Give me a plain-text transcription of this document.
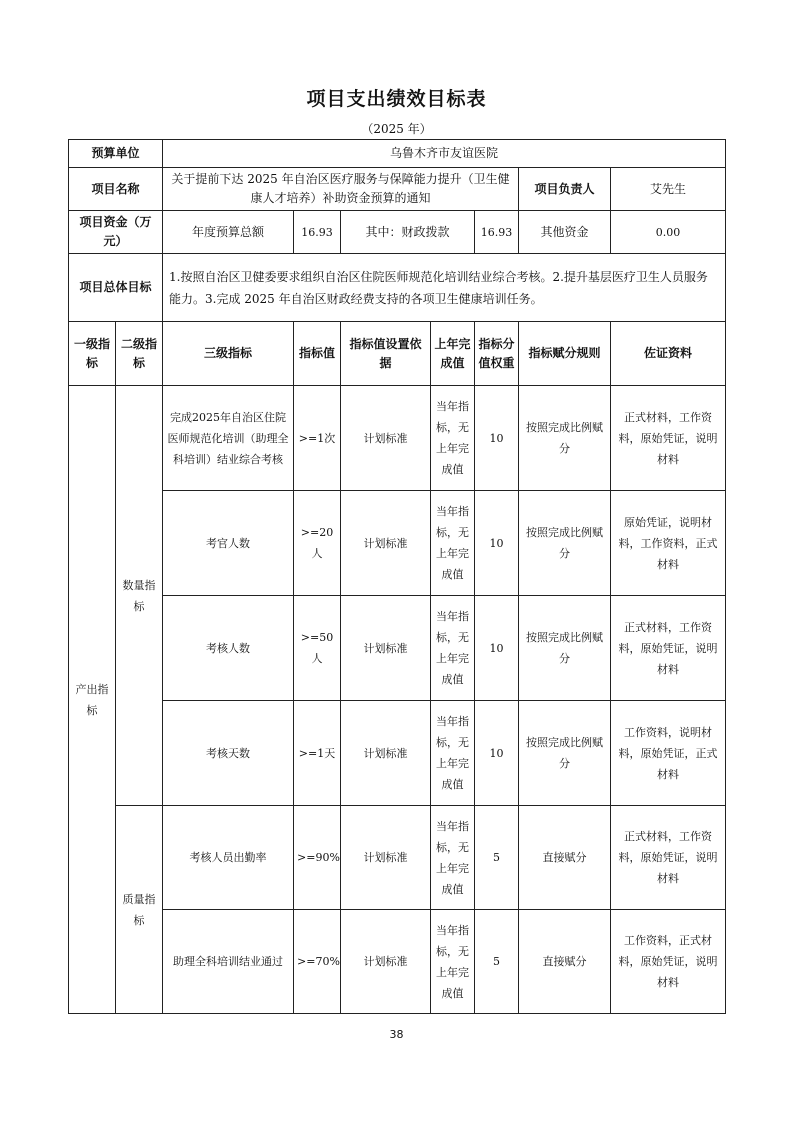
项目支出绩效目标表
（2025 年）
预算单位		乌鲁木齐市友谊医院						
项目名称		关于提前下达 2025 年自治区医疗服务与保障能力提升（卫生健康人才培养）补助资金预算的通知					项目负责人	艾先生
项目资金（万元）		年度预算总额	16.93	其中：财政拨款		16.93	其他资金	0.00
项目总体目标		1.按照自治区卫健委要求组织自治区住院医师规范化培训结业综合考核。2.提升基层医疗卫生人员服务能力。3.完成 2025 年自治区财政经费支持的各项卫生健康培训任务。						
一级指标	二级指标	三级指标	指标值	指标值设置依据	上年完成值	指标分值权重	指标赋分规则	佐证资料
产出指标	数量指标	完成2025年自治区住院医师规范化培训（助理全科培训）结业综合考核	>=1次	计划标准	当年指标，无上年完成值	10	按照完成比例赋分	正式材料，工作资料，原始凭证，说明材料
		考官人数	>=20人	计划标准	当年指标，无上年完成值	10	按照完成比例赋分	原始凭证，说明材料，工作资料，正式材料
		考核人数	>=50人	计划标准	当年指标，无上年完成值	10	按照完成比例赋分	正式材料，工作资料，原始凭证，说明材料
		考核天数	>=1天	计划标准	当年指标，无上年完成值	10	按照完成比例赋分	工作资料，说明材料，原始凭证，正式材料
	质量指标	考核人员出勤率	>=90%	计划标准	当年指标，无上年完成值	5	直接赋分	正式材料，工作资料，原始凭证，说明材料
		助理全科培训结业通过	>=70%	计划标准	当年指标，无上年完成值	5	直接赋分	工作资料，正式材料，原始凭证，说明材料
38
